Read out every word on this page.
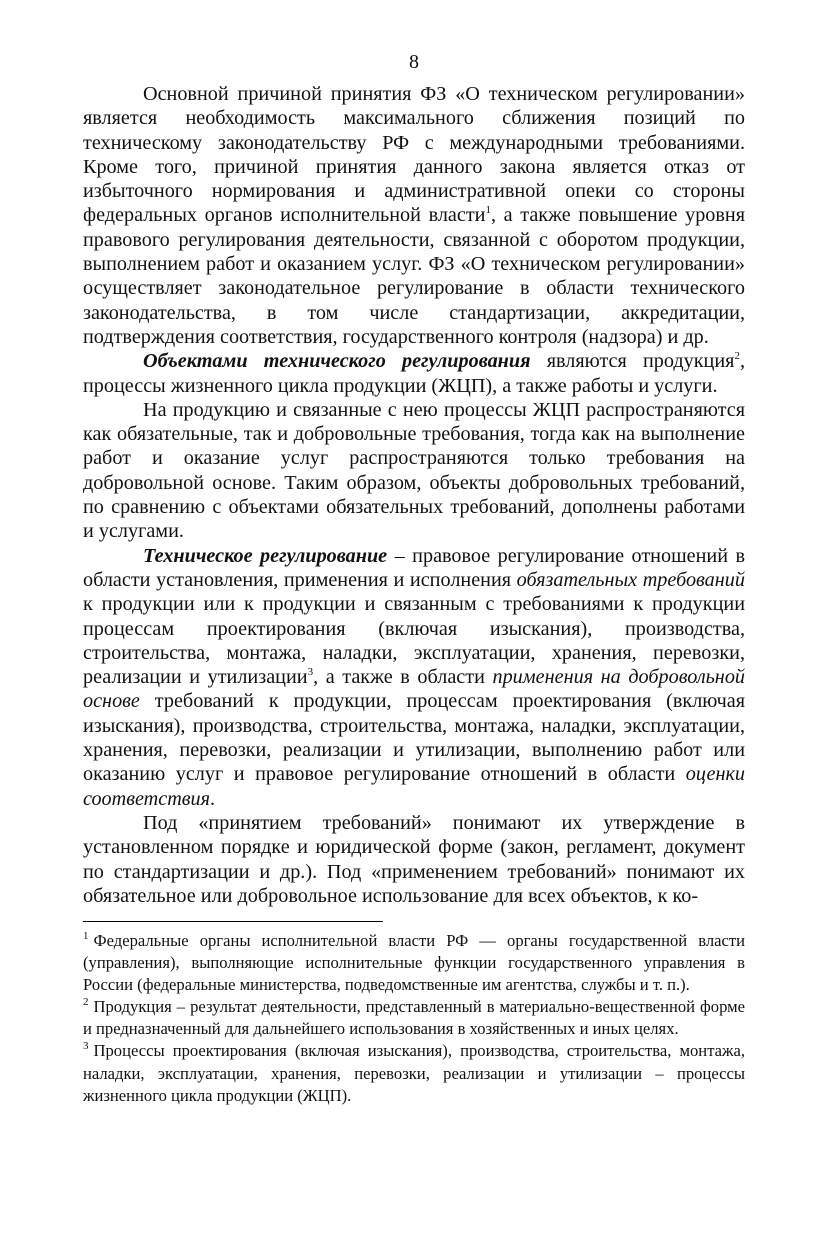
8

Основной причиной принятия ФЗ «О техническом регулировании» является необходимость максимального сближения позиций по техническому законодательству РФ с международными требованиями. Кроме того, причиной принятия данного закона является отказ от избыточного нормирования и административной опеки со стороны федеральных органов исполнительной власти$^1$, а также повышение уровня правового регулирования деятельности, связанной с оборотом продукции, выполнением работ и оказанием услуг. ФЗ «О техническом регулировании» осуществляет законодательное регулирование в области технического законодательства, в том числе стандартизации, аккредитации, подтверждения соответствия, государственного контроля (надзора) и др.

Объектами технического регулирования являются продукция$^2$, процессы жизненного цикла продукции (ЖЦП), а также работы и услуги.

На продукцию и связанные с нею процессы ЖЦП распространяются как обязательные, так и добровольные требования, тогда как на выполнение работ и оказание услуг распространяются только требования на добровольной основе. Таким образом, объекты добровольных требований, по сравнению с объектами обязательных требований, дополнены работами и услугами.

Техническое регулирование – правовое регулирование отношений в области установления, применения и исполнения обязательных требований к продукции или к продукции и связанным с требованиями к продукции процессам проектирования (включая изыскания), производства, строительства, монтажа, наладки, эксплуатации, хранения, перевозки, реализации и утилизации$^3$, а также в области применения на добровольной основе требований к продукции, процессам проектирования (включая изыскания), производства, строительства, монтажа, наладки, эксплуатации, хранения, перевозки, реализации и утилизации, выполнению работ или оказанию услуг и правовое регулирование отношений в области оценки соответствия.

Под «принятием требований» понимают их утверждение в установленном порядке и юридической форме (закон, регламент, документ по стандартизации и др.). Под «применением требований» понимают их обязательное или добровольное использование для всех объектов, к ко-

$^1$ Федеральные органы исполнительной власти РФ — органы государственной власти (управления), выполняющие исполнительные функции государственного управления в России (федеральные министерства, подведомственные им агентства, службы и т. п.).

$^2$ Продукция – результат деятельности, представленный в материально-вещественной форме и предназначенный для дальнейшего использования в хозяйственных и иных целях.

$^3$ Процессы проектирования (включая изыскания), производства, строительства, монтажа, наладки, эксплуатации, хранения, перевозки, реализации и утилизации – процессы жизненного цикла продукции (ЖЦП).
